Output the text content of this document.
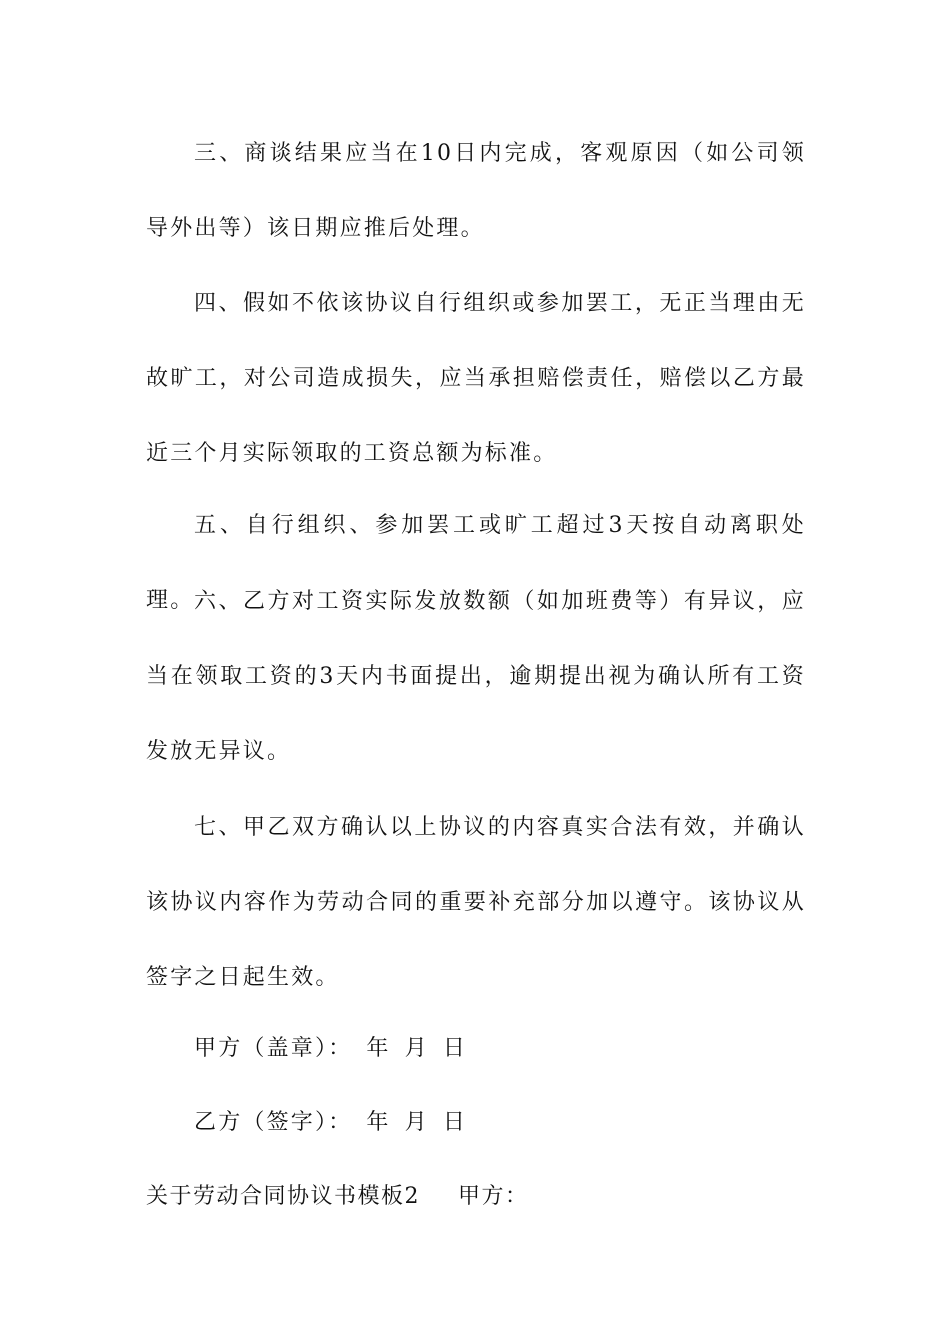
三、商谈结果应当在10日内完成，客观原因（如公司领导外出等）该日期应推后处理。

四、假如不依该协议自行组织或参加罢工，无正当理由无故旷工，对公司造成损失，应当承担赔偿责任，赔偿以乙方最近三个月实际领取的工资总额为标准。

五、自行组织、参加罢工或旷工超过3天按自动离职处理。 六、乙方对工资实际发放数额（如加班费等）有异议，应当在领取工资的3天内书面提出，逾期提出视为确认所有工资发放无异议。

七、甲乙双方确认以上协议的内容真实合法有效，并确认该协议内容作为劳动合同的重要补充部分加以遵守。该协议从签字之日起生效。

甲方（盖章）： 年 月 日
乙方（签字）： 年 月 日
关于劳动合同协议书模板2 甲方：
